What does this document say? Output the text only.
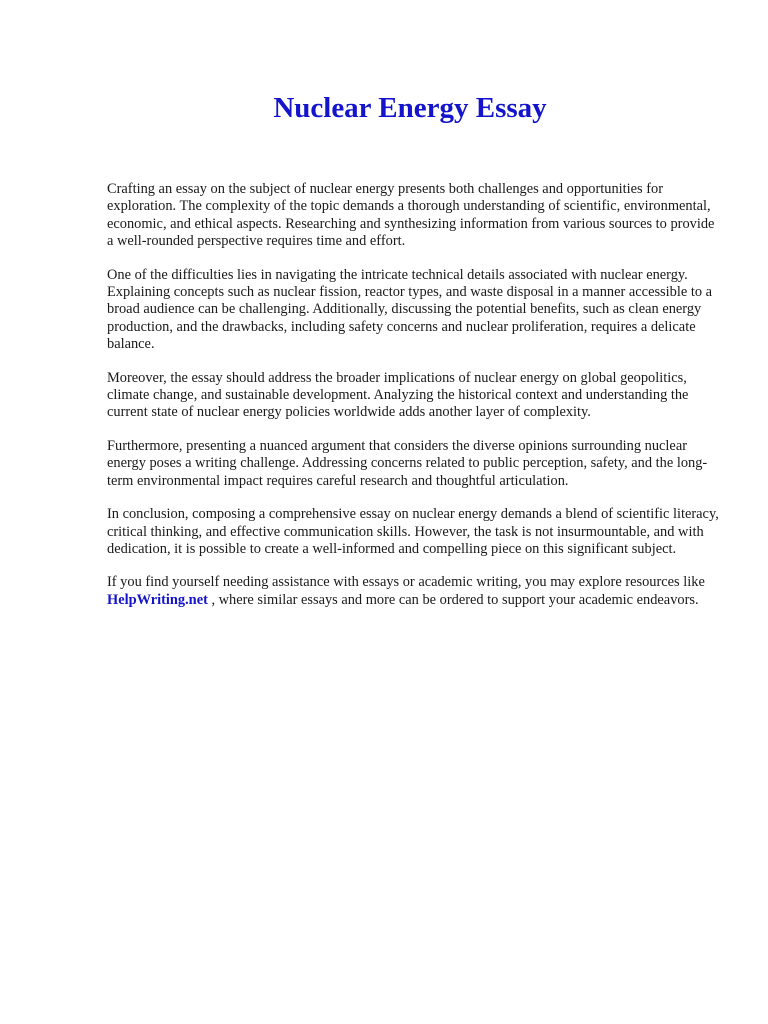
Nuclear Energy Essay

Crafting an essay on the subject of nuclear energy presents both challenges and opportunities for exploration. The complexity of the topic demands a thorough understanding of scientific, environmental, economic, and ethical aspects. Researching and synthesizing information from various sources to provide a well-rounded perspective requires time and effort.

One of the difficulties lies in navigating the intricate technical details associated with nuclear energy. Explaining concepts such as nuclear fission, reactor types, and waste disposal in a manner accessible to a broad audience can be challenging. Additionally, discussing the potential benefits, such as clean energy production, and the drawbacks, including safety concerns and nuclear proliferation, requires a delicate balance.

Moreover, the essay should address the broader implications of nuclear energy on global geopolitics, climate change, and sustainable development. Analyzing the historical context and understanding the current state of nuclear energy policies worldwide adds another layer of complexity.

Furthermore, presenting a nuanced argument that considers the diverse opinions surrounding nuclear energy poses a writing challenge. Addressing concerns related to public perception, safety, and the long-term environmental impact requires careful research and thoughtful articulation.

In conclusion, composing a comprehensive essay on nuclear energy demands a blend of scientific literacy, critical thinking, and effective communication skills. However, the task is not insurmountable, and with dedication, it is possible to create a well-informed and compelling piece on this significant subject.

If you find yourself needing assistance with essays or academic writing, you may explore resources like HelpWriting.net , where similar essays and more can be ordered to support your academic endeavors.
